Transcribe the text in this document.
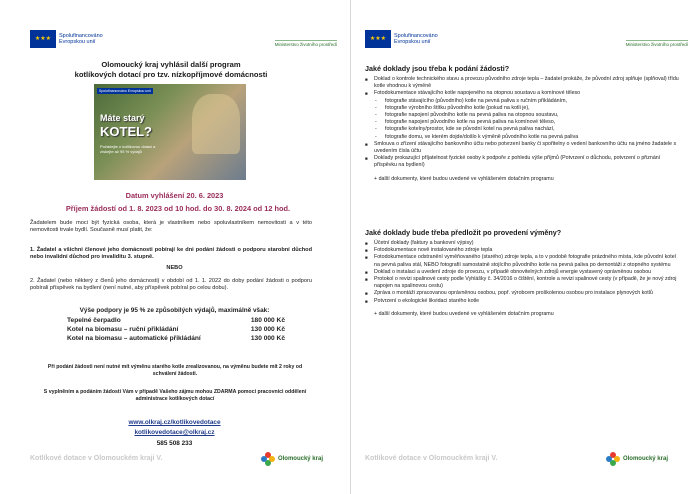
★★★ Spolufinancováno
Evropskou unií	Ministerstvo životního prostředí
Olomoucký kraj vyhlásil další program
kotlíkových dotací pro tzv. nízkopříjmové domácnosti
Spolufinancováno Evropskou unií
Máte starý
KOTEL?
Požádejte o kotlíkovou dotaci a získejte až 95 % výdajů
Datum vyhlášení 20. 6. 2023
Příjem žádostí od 1. 8. 2023 od 10 hod. do 30. 8. 2024 od 12 hod.
Žadatelem bude moci být fyzická osoba, která je vlastníkem nebo spoluvlastníkem nemovitosti a v této nemovitosti trvale bydlí. Současně musí platit, že:
1. Žadatel a všichni členové jeho domácnosti pobírají ke dni podání žádosti o podporu starobní důchod nebo invalidní důchod pro invaliditu 3. stupně.
NEBO
2. Žadatel (nebo některý z členů jeho domácnosti) v období od 1. 1. 2022 do doby podání žádosti o podporu pobírali příspěvek na bydlení (není nutné, aby příspěvek pobíral po celou dobu).
Výše podpory je 95 % ze způsobilých výdajů, maximálně však:
Tepelné čerpadlo	180 000 Kč
Kotel na biomasu – ruční přikládání	130 000 Kč
Kotel na biomasu – automatické přikládání	130 000 Kč
Při podání žádosti není nutné mít výměnu starého kotle zrealizovanou, na výměnu budete mít 2 roky od schválení žádosti.
S vyplněním a podáním žádosti Vám v případě Vašeho zájmu mohou ZDARMA pomoci pracovníci oddělení administrace kotlíkových dotací
www.olkraj.cz/kotlikovedotace
kotlikovedotace@olkraj.cz
585 508 233
Kotlíkové dotace v Olomouckém kraji V.	Olomoucký kraj
★★★ Spolufinancováno
Evropskou unií	Ministerstvo životního prostředí
Jaké doklady jsou třeba k podání žádosti?
■ Doklad o kontrole technického stavu a provozu původního zdroje tepla – žadatel prokáže, že původní zdroj splňuje (splňoval) třídu kotle vhodnou k výměně
■ Fotodokumentace stávajícího kotle napojeného na otopnou soustavu a komínové těleso
- fotografie stávajícího (původního) kotle na pevná paliva s ručním přikládáním,
- fotografie výrobního štítku původního kotle (pokud na kotli je),
- fotografie napojení původního kotle na pevná paliva na otopnou soustavu,
- fotografie napojení původního kotle na pevná paliva na komínové těleso,
- fotografie kotelny/prostor, kde se původní kotel na pevná paliva nachází,
- fotografie domu, ve kterém dojde/došlo k výměně původního kotle na pevná paliva
■ Smlouva o zřízení stávajícího bankovního účtu nebo potvrzení banky či spořitelny o vedení bankovního účtu na jméno žadatele s uvedením čísla účtu
■ Doklady prokazující příjatelnost fyzické osoby k podpoře z pohledu výše příjmů (Potvrzení o důchodu, potvrzení o přiznání příspěvku na bydlení)
+ další dokumenty, které budou uvedené ve vyhlášeném dotačním programu
Jaké doklady bude třeba předložit po provedení výměny?
■ Účetní doklady (faktury a bankovní výpisy)
■ Fotodokumentace nově instalovaného zdroje tepla
■ Fotodokumentace odstranění vyměňovaného (starého) zdroje tepla, a to v podobě fotografie prázdného místa, kde původní kotel na pevná paliva stál, NEBO fotografií samostatně stojícího původního kotle na pevná paliva po demontáži z otopného systému
■ Doklad o instalaci a uvedení zdroje do provozu, v případě obnovitelných zdrojů energie vystavený oprávněnou osobou
■ Protokol o revizi spalinové cesty podle Vyhlášky č. 34/2016 o čištění, kontrole a revizi spalinové cesty (v případě, že je nový zdroj napojen na spalinovou cestu)
■ Zpráva o montáži zpracovanou oprávněnou osobou, popř. výrobcem proškolenou osobou pro instalace plynových kotlů
■ Potvrzení o ekologické likvidaci starého kotle
+ další dokumenty, které budou uvedené ve vyhlášeném dotačním programu
Kotlíkové dotace v Olomouckém kraji V.	Olomoucký kraj
